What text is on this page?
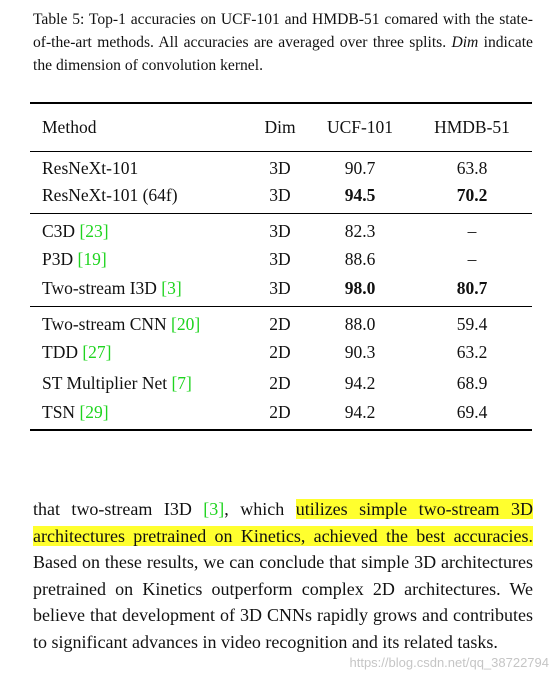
Table 5: Top-1 accuracies on UCF-101 and HMDB-51 comared with the state-of-the-art methods. All accuracies are averaged over three splits. Dim indicate the dimension of convolution kernel.
Method	Dim	UCF-101	HMDB-51
ResNeXt-101	3D	90.7	63.8
ResNeXt-101 (64f)	3D	94.5	70.2
C3D [23]	3D	82.3	–
P3D [19]	3D	88.6	–
Two-stream I3D [3]	3D	98.0	80.7
Two-stream CNN [20]	2D	88.0	59.4
TDD [27]	2D	90.3	63.2
ST Multiplier Net [7]	2D	94.2	68.9
TSN [29]	2D	94.2	69.4
that two-stream I3D [3], which utilizes simple two-stream 3D architectures pretrained on Kinetics, achieved the best accuracies. Based on these results, we can conclude that simple 3D architectures pretrained on Kinetics outperform complex 2D architectures. We believe that development of 3D CNNs rapidly grows and contributes to significant advances in video recognition and its related tasks.
https://blog.csdn.net/qq_38722794
